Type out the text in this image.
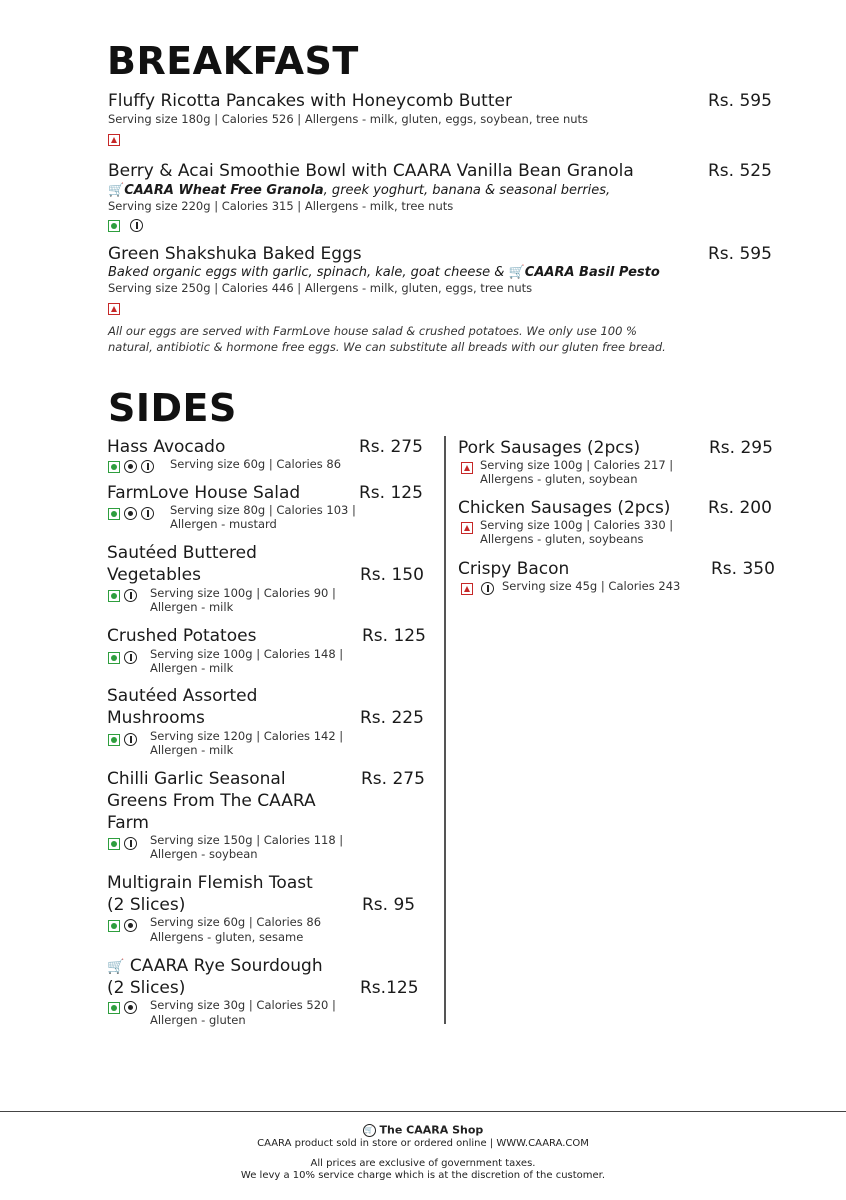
BREAKFAST
Fluffy Ricotta Pancakes with Honeycomb Butter	Rs. 595
Serving size 180g | Calories 526 | Allergens - milk, gluten, eggs, soybean, tree nuts
Berry & Acai Smoothie Bowl with CAARA Vanilla Bean Granola	Rs. 525
🛒CAARA Wheat Free Granola, greek yoghurt, banana & seasonal berries,
Serving size 220g | Calories 315 | Allergens - milk, tree nuts
Green Shakshuka Baked Eggs	Rs. 595
Baked organic eggs with garlic, spinach, kale, goat cheese & 🛒CAARA Basil Pesto
Serving size 250g | Calories 446 | Allergens - milk, gluten, eggs, tree nuts
All our eggs are served with FarmLove house salad & crushed potatoes. We only use 100 %
natural, antibiotic & hormone free eggs. We can substitute all breads with our gluten free bread.
SIDES
Hass Avocado	Rs. 275
Serving size 60g | Calories 86
FarmLove House Salad	Rs. 125
Serving size 80g | Calories 103 |
Allergen - mustard
Sautéed Buttered
Vegetables	Rs. 150
Serving size 100g | Calories 90 |
Allergen - milk
Crushed Potatoes	Rs. 125
Serving size 100g | Calories 148 |
Allergen - milk
Sautéed Assorted
Mushrooms	Rs. 225
Serving size 120g | Calories 142 |
Allergen - milk
Chilli Garlic Seasonal
Greens From The CAARA
Farm
Rs. 275
Serving size 150g | Calories 118 |
Allergen - soybean
Multigrain Flemish Toast
(2 Slices)	Rs. 95
Serving size 60g | Calories 86
Allergens - gluten, sesame
🛒 CAARA Rye Sourdough
(2 Slices)	Rs.125
Serving size 30g | Calories 520 |
Allergen - gluten
Pork Sausages (2pcs)	Rs. 295
Serving size 100g | Calories 217 |
Allergens - gluten, soybean
Chicken Sausages (2pcs) Rs. 200
Serving size 100g | Calories 330 |
Allergens - gluten, soybeans
Crispy Bacon	Rs. 350
Serving size 45g | Calories 243
🛒 The CAARA Shop
CAARA product sold in store or ordered online | WWW.CAARA.COM
All prices are exclusive of government taxes.
We levy a 10% service charge which is at the discretion of the customer.
